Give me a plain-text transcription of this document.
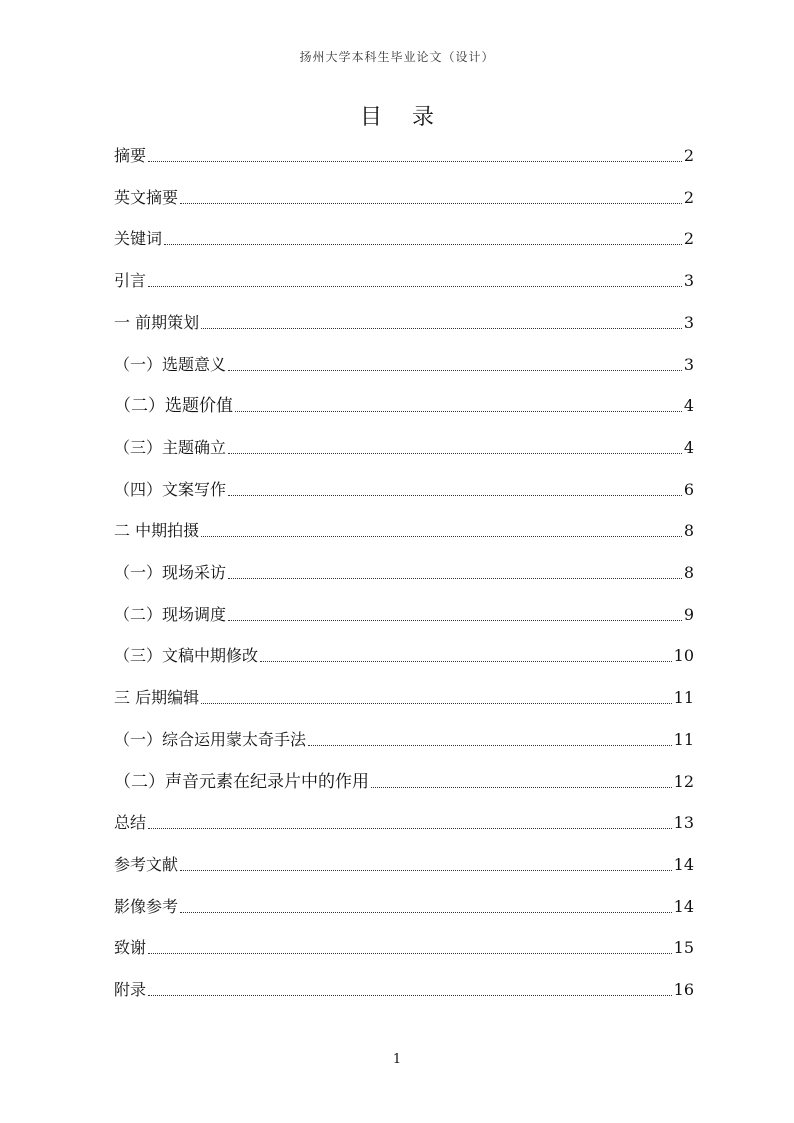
扬州大学本科生毕业论文（设计）
目录
摘要	2
英文摘要	2
关键词	2
引言	3
一 前期策划	3
（一）选题意义	3
（二）选题价值	4
（三）主题确立	4
（四）文案写作	6
二 中期拍摄	8
（一）现场采访	8
（二）现场调度	9
（三）文稿中期修改	10
三 后期编辑	11
（一）综合运用蒙太奇手法	11
（二）声音元素在纪录片中的作用	12
总结	13
参考文献	14
影像参考	14
致谢	15
附录	16
1
